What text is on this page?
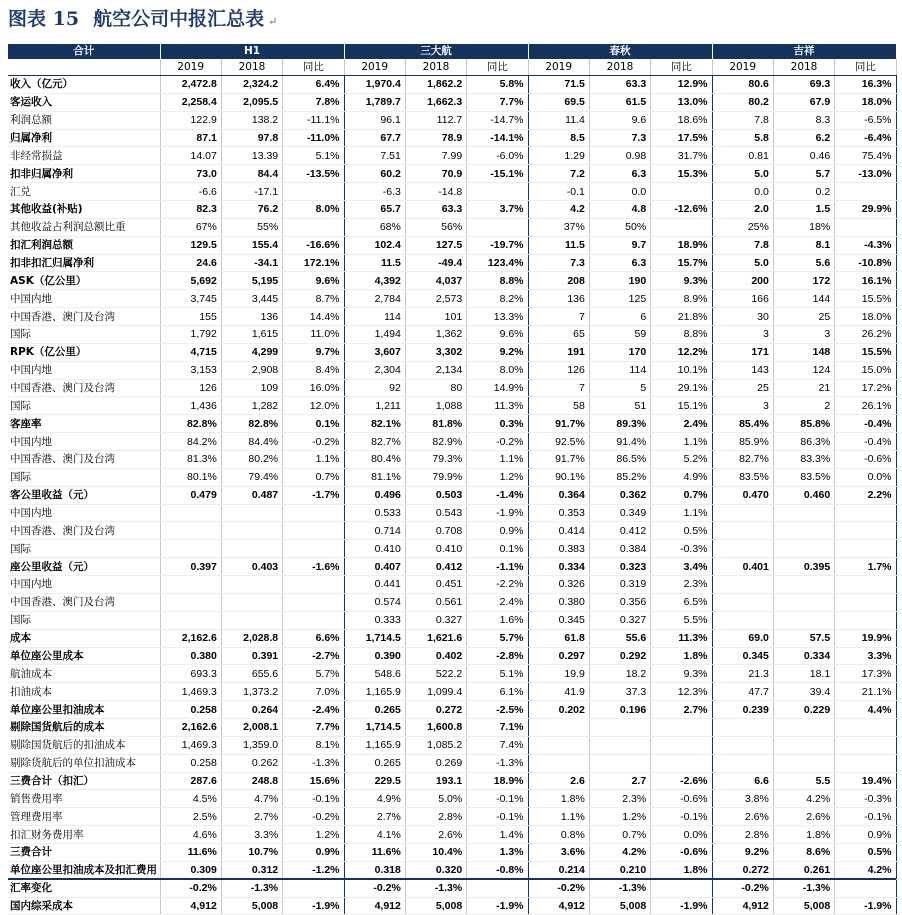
图表 15 航空公司中报汇总表 ↵
合计	H1			三大航			春秋			吉祥		
	2019	2018	同比	2019	2018	同比	2019	2018	同比	2019	2018	同比
收入（亿元）	2,472.8	2,324.2	6.4%	1,970.4	1,862.2	5.8%	71.5	63.3	12.9%	80.6	69.3	16.3%
客运收入	2,258.4	2,095.5	7.8%	1,789.7	1,662.3	7.7%	69.5	61.5	13.0%	80.2	67.9	18.0%
利润总额	122.9	138.2	-11.1%	96.1	112.7	-14.7%	11.4	9.6	18.6%	7.8	8.3	-6.5%
归属净利	87.1	97.8	-11.0%	67.7	78.9	-14.1%	8.5	7.3	17.5%	5.8	6.2	-6.4%
非经常损益	14.07	13.39	5.1%	7.51	7.99	-6.0%	1.29	0.98	31.7%	0.81	0.46	75.4%
扣非归属净利	73.0	84.4	-13.5%	60.2	70.9	-15.1%	7.2	6.3	15.3%	5.0	5.7	-13.0%
汇兑	-6.6	-17.1		-6.3	-14.8		-0.1	0.0		0.0	0.2	
其他收益(补贴)	82.3	76.2	8.0%	65.7	63.3	3.7%	4.2	4.8	-12.6%	2.0	1.5	29.9%
其他收益占利润总额比重	67%	55%		68%	56%		37%	50%		25%	18%	
扣汇利润总额	129.5	155.4	-16.6%	102.4	127.5	-19.7%	11.5	9.7	18.9%	7.8	8.1	-4.3%
扣非扣汇归属净利	24.6	-34.1	172.1%	11.5	-49.4	123.4%	7.3	6.3	15.7%	5.0	5.6	-10.8%
ASK（亿公里）	5,692	5,195	9.6%	4,392	4,037	8.8%	208	190	9.3%	200	172	16.1%
中国内地	3,745	3,445	8.7%	2,784	2,573	8.2%	136	125	8.9%	166	144	15.5%
中国香港、澳门及台湾	155	136	14.4%	114	101	13.3%	7	6	21.8%	30	25	18.0%
国际	1,792	1,615	11.0%	1,494	1,362	9.6%	65	59	8.8%	3	3	26.2%
RPK（亿公里）	4,715	4,299	9.7%	3,607	3,302	9.2%	191	170	12.2%	171	148	15.5%
中国内地	3,153	2,908	8.4%	2,304	2,134	8.0%	126	114	10.1%	143	124	15.0%
中国香港、澳门及台湾	126	109	16.0%	92	80	14.9%	7	5	29.1%	25	21	17.2%
国际	1,436	1,282	12.0%	1,211	1,088	11.3%	58	51	15.1%	3	2	26.1%
客座率	82.8%	82.8%	0.1%	82.1%	81.8%	0.3%	91.7%	89.3%	2.4%	85.4%	85.8%	-0.4%
中国内地	84.2%	84.4%	-0.2%	82.7%	82.9%	-0.2%	92.5%	91.4%	1.1%	85.9%	86.3%	-0.4%
中国香港、澳门及台湾	81.3%	80.2%	1.1%	80.4%	79.3%	1.1%	91.7%	86.5%	5.2%	82.7%	83.3%	-0.6%
国际	80.1%	79.4%	0.7%	81.1%	79.9%	1.2%	90.1%	85.2%	4.9%	83.5%	83.5%	0.0%
客公里收益（元）	0.479	0.487	-1.7%	0.496	0.503	-1.4%	0.364	0.362	0.7%	0.470	0.460	2.2%
中国内地				0.533	0.543	-1.9%	0.353	0.349	1.1%			
中国香港、澳门及台湾				0.714	0.708	0.9%	0.414	0.412	0.5%			
国际				0.410	0.410	0.1%	0.383	0.384	-0.3%			
座公里收益（元）	0.397	0.403	-1.6%	0.407	0.412	-1.1%	0.334	0.323	3.4%	0.401	0.395	1.7%
中国内地				0.441	0.451	-2.2%	0.326	0.319	2.3%			
中国香港、澳门及台湾				0.574	0.561	2.4%	0.380	0.356	6.5%			
国际				0.333	0.327	1.6%	0.345	0.327	5.5%			
成本	2,162.6	2,028.8	6.6%	1,714.5	1,621.6	5.7%	61.8	55.6	11.3%	69.0	57.5	19.9%
单位座公里成本	0.380	0.391	-2.7%	0.390	0.402	-2.8%	0.297	0.292	1.8%	0.345	0.334	3.3%
航油成本	693.3	655.6	5.7%	548.6	522.2	5.1%	19.9	18.2	9.3%	21.3	18.1	17.3%
扣油成本	1,469.3	1,373.2	7.0%	1,165.9	1,099.4	6.1%	41.9	37.3	12.3%	47.7	39.4	21.1%
单位座公里扣油成本	0.258	0.264	-2.4%	0.265	0.272	-2.5%	0.202	0.196	2.7%	0.239	0.229	4.4%
剔除国货航后的成本	2,162.6	2,008.1	7.7%	1,714.5	1,600.8	7.1%						
剔除国货航后的扣油成本	1,469.3	1,359.0	8.1%	1,165.9	1,085.2	7.4%						
剔除货航后的单位扣油成本	0.258	0.262	-1.3%	0.265	0.269	-1.3%						
三费合计（扣汇）	287.6	248.8	15.6%	229.5	193.1	18.9%	2.6	2.7	-2.6%	6.6	5.5	19.4%
销售费用率	4.5%	4.7%	-0.1%	4.9%	5.0%	-0.1%	1.8%	2.3%	-0.6%	3.8%	4.2%	-0.3%
管理费用率	2.5%	2.7%	-0.2%	2.7%	2.8%	-0.1%	1.1%	1.2%	-0.1%	2.6%	2.6%	-0.1%
扣汇财务费用率	4.6%	3.3%	1.2%	4.1%	2.6%	1.4%	0.8%	0.7%	0.0%	2.8%	1.8%	0.9%
三费合计	11.6%	10.7%	0.9%	11.6%	10.4%	1.3%	3.6%	4.2%	-0.6%	9.2%	8.6%	0.5%
单位座公里扣油成本及扣汇费用	0.309	0.312	-1.2%	0.318	0.320	-0.8%	0.214	0.210	1.8%	0.272	0.261	4.2%
汇率变化	-0.2%	-1.3%		-0.2%	-1.3%		-0.2%	-1.3%		-0.2%	-1.3%	
国内综采成本	4,912	5,008	-1.9%	4,912	5,008	-1.9%	4,912	5,008	-1.9%	4,912	5,008	-1.9%
